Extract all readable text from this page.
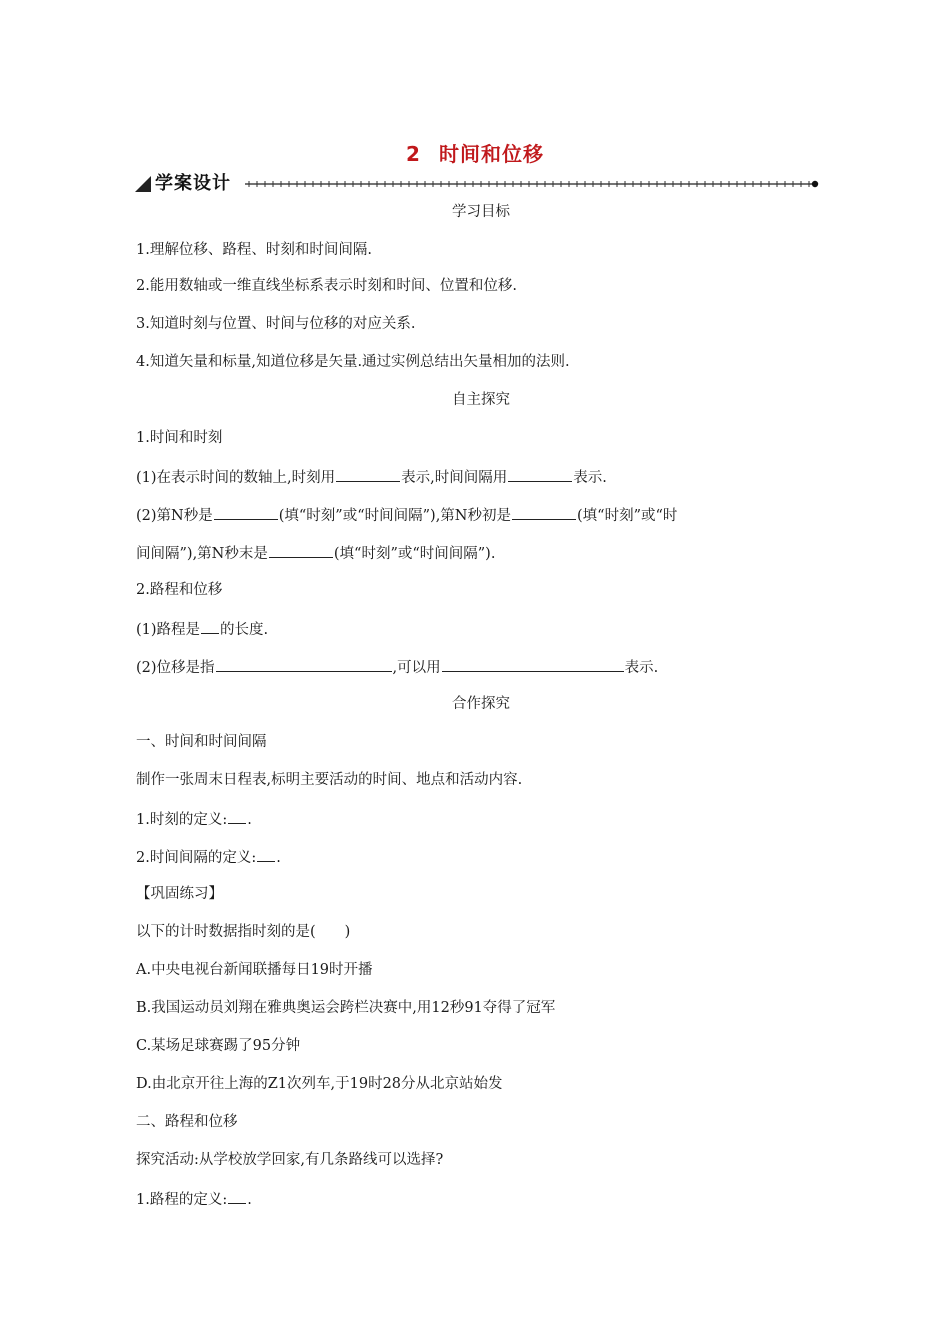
2 时间和位移
学案设计
学习目标
1.理解位移、路程、时刻和时间间隔.
2.能用数轴或一维直线坐标系表示时刻和时间、位置和位移.
3.知道时刻与位置、时间与位移的对应关系.
4.知道矢量和标量,知道位移是矢量.通过实例总结出矢量相加的法则.
自主探究
1.时间和时刻
(1)在表示时间的数轴上,时刻用	表示,时间间隔用	表示.
(2)第N秒是	(填“时刻”或“时间间隔”),第N秒初是	(填“时刻”或“时
间间隔”),第N秒末是	(填“时刻”或“时间间隔”).
2.路程和位移
(1)路程是 的长度.
(2)位移是指	,可以用	表示.
合作探究
一、时间和时间间隔
制作一张周末日程表,标明主要活动的时间、地点和活动内容.
1.时刻的定义: .
2.时间间隔的定义: .
【巩固练习】
以下的计时数据指时刻的是(　　)
A.中央电视台新闻联播每日19时开播
B.我国运动员刘翔在雅典奥运会跨栏决赛中,用12秒91夺得了冠军
C.某场足球赛踢了95分钟
D.由北京开往上海的Z1次列车,于19时28分从北京站始发
二、路程和位移
探究活动:从学校放学回家,有几条路线可以选择?
1.路程的定义: .
